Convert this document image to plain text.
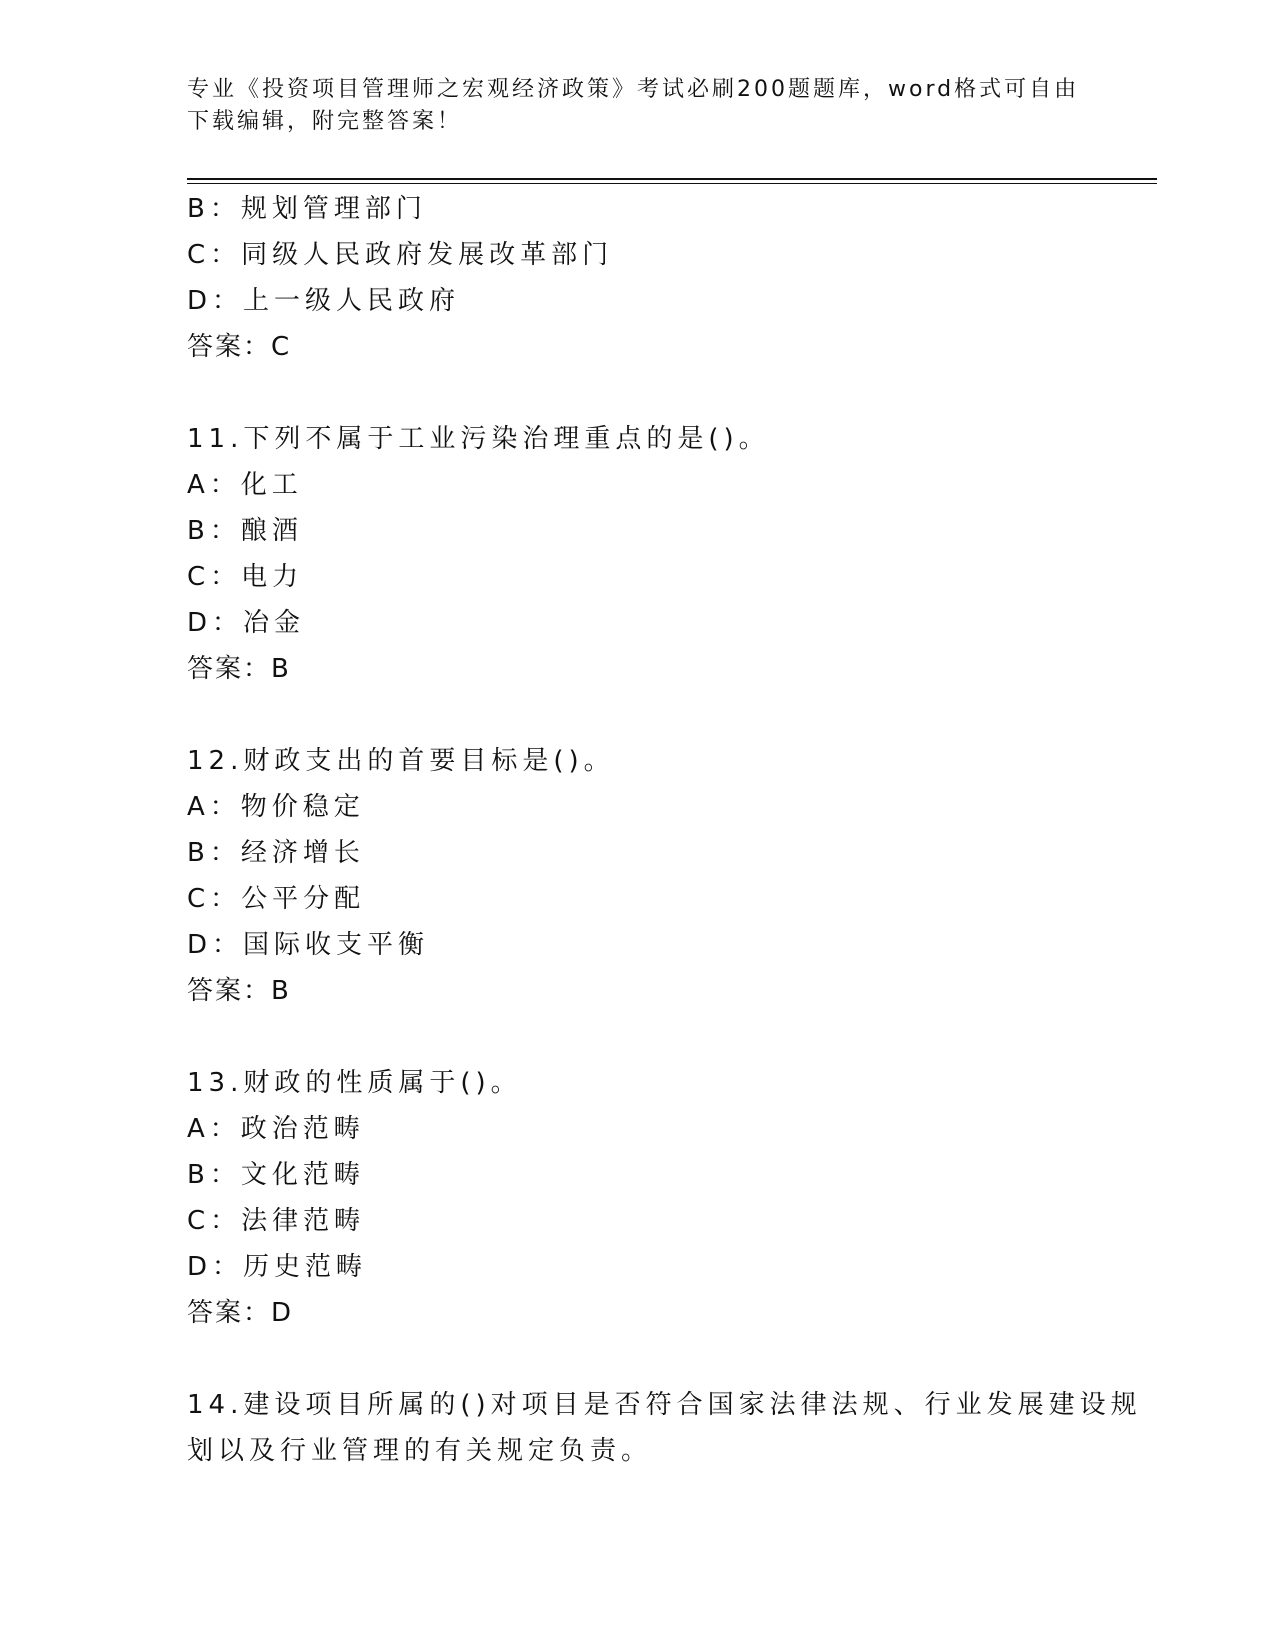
专业《投资项目管理师之宏观经济政策》考试必刷200题题库，word格式可自由
下载编辑，附完整答案！
B：规划管理部门
C：同级人民政府发展改革部门
D：上一级人民政府
答案：C
11.下列不属于工业污染治理重点的是()。
A：化工
B：酿酒
C：电力
D：冶金
答案：B
12.财政支出的首要目标是()。
A：物价稳定
B：经济增长
C：公平分配
D：国际收支平衡
答案：B
13.财政的性质属于()。
A：政治范畴
B：文化范畴
C：法律范畴
D：历史范畴
答案：D
14.建设项目所属的()对项目是否符合国家法律法规、行业发展建设规
划以及行业管理的有关规定负责。
